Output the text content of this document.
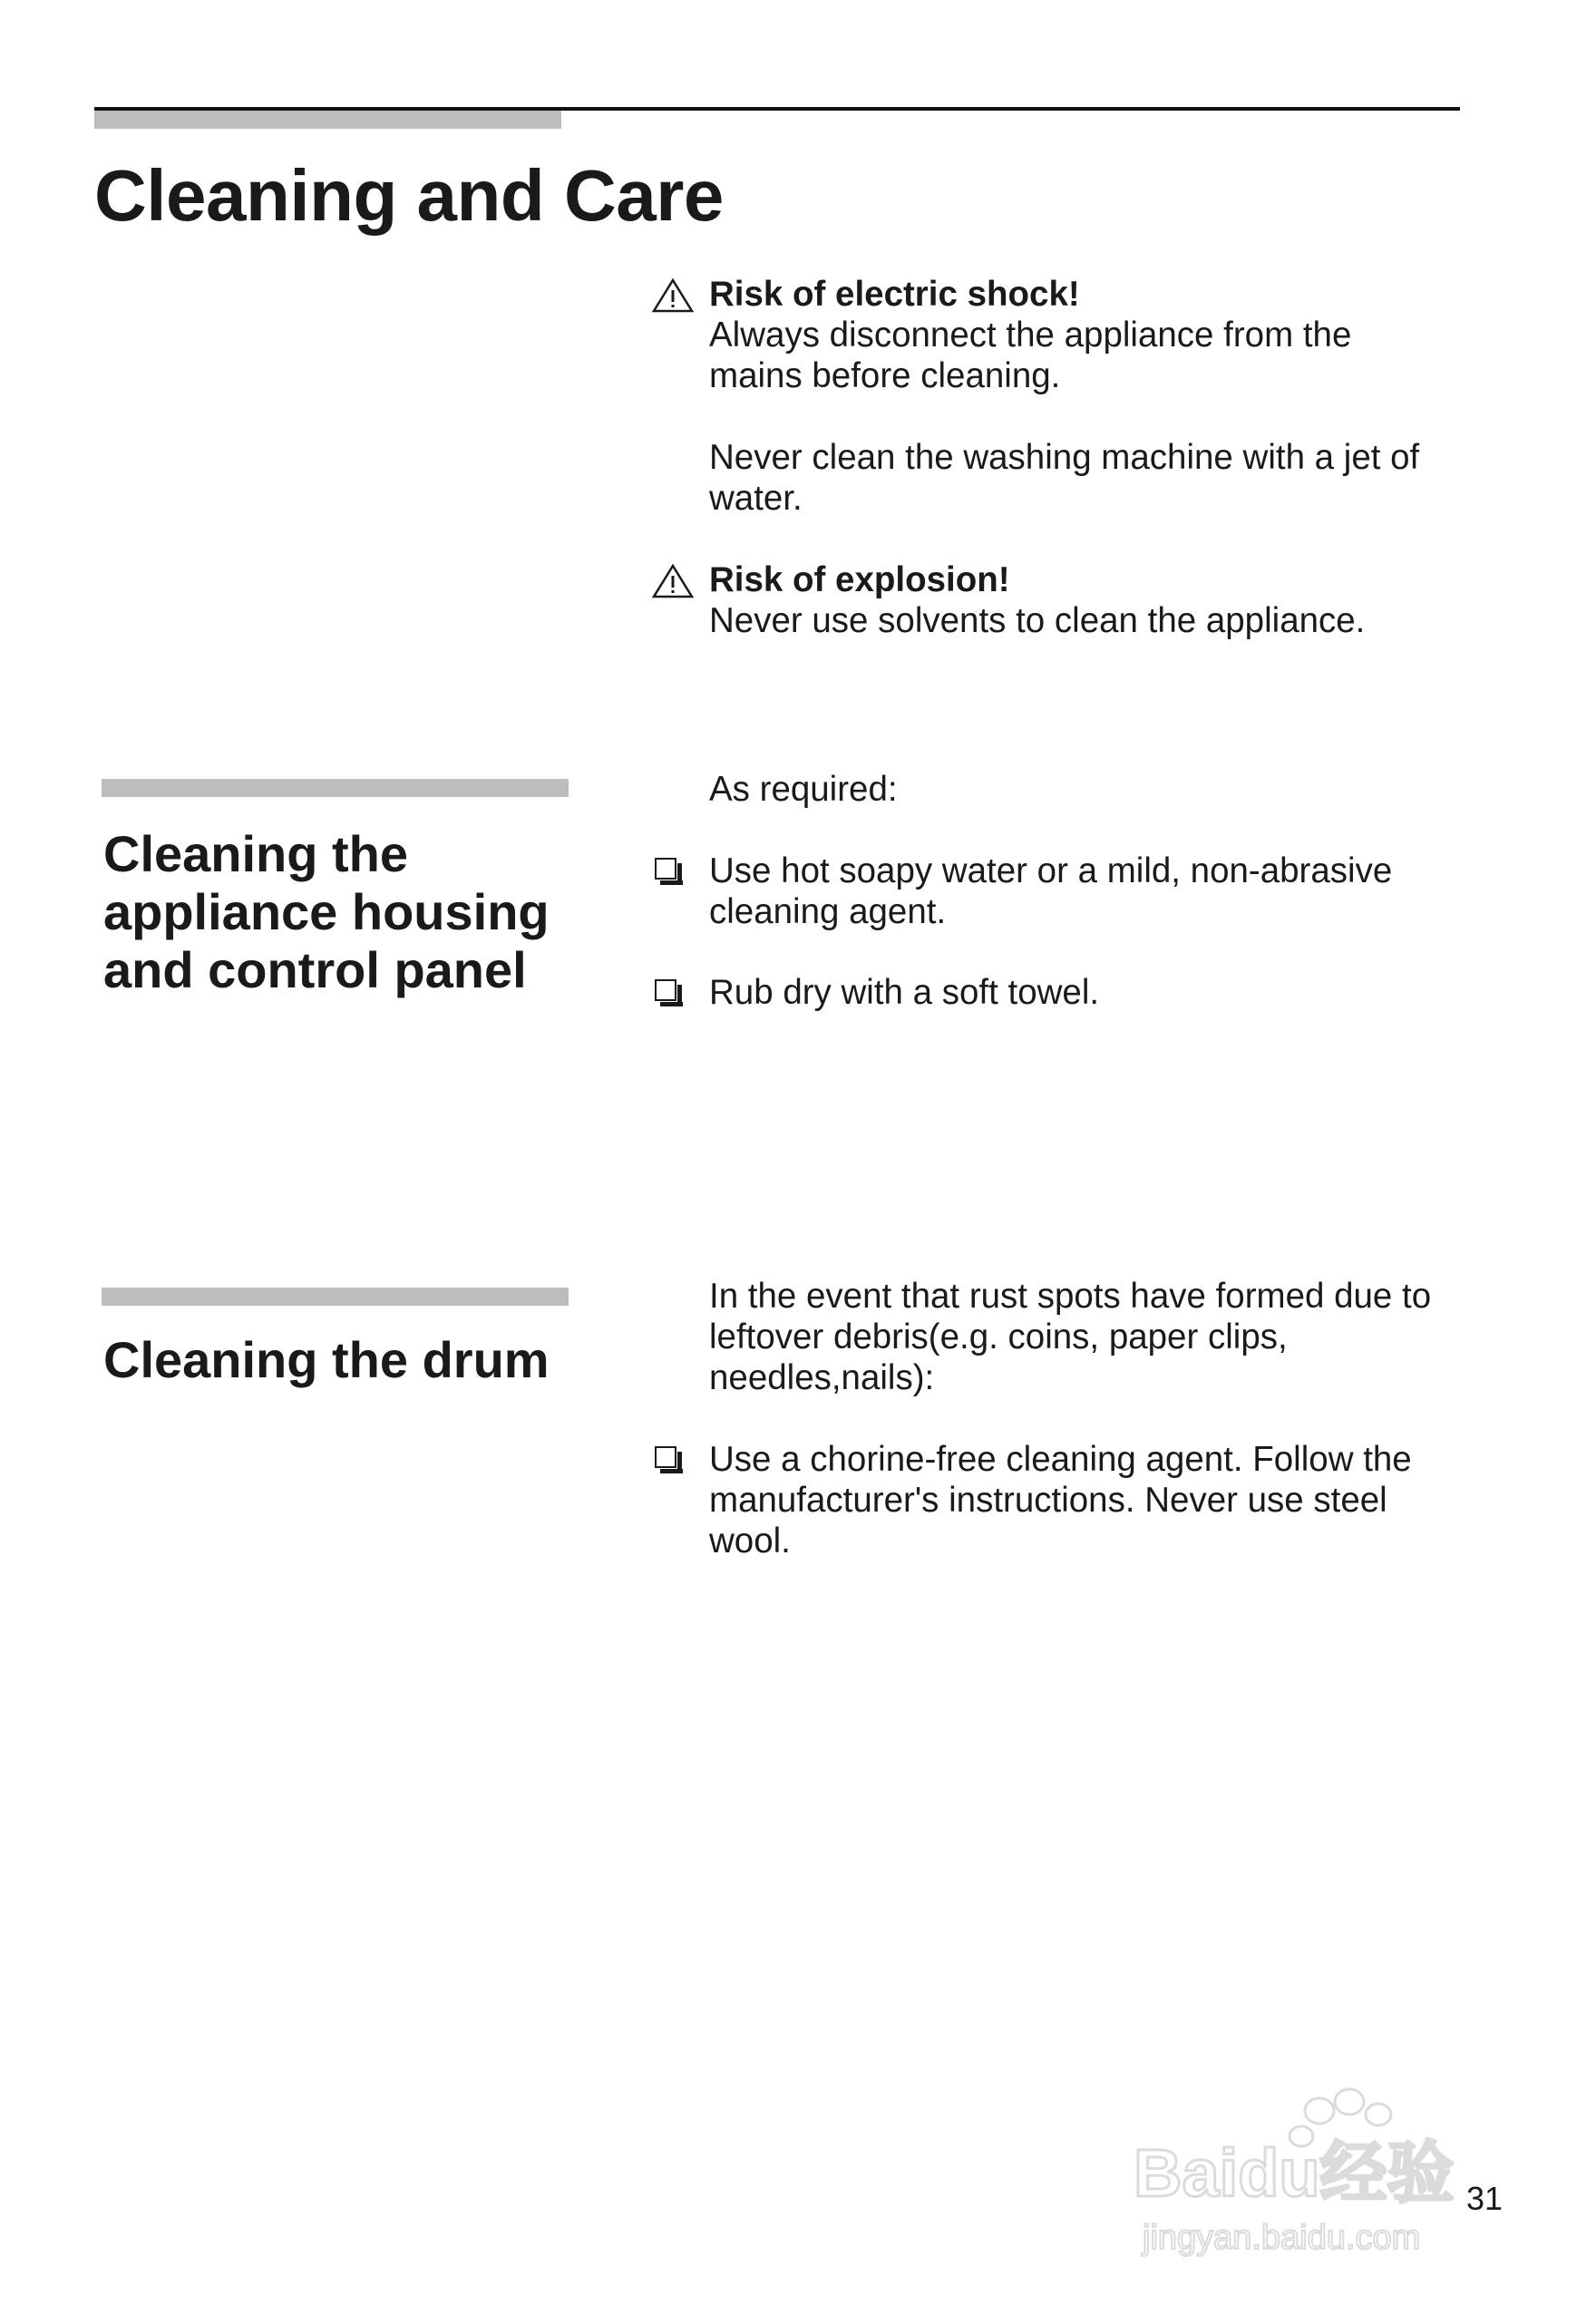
Cleaning and Care

Risk of electric shock!

Always disconnect the appliance from the mains before cleaning.

Never clean the washing machine with a jet of water.

Risk of explosion!

Never use solvents to clean the appliance.

Cleaning the appliance housing and control panel

As required:

Use hot soapy water or a mild, non-abrasive cleaning agent.

Rub dry with a soft towel.

Cleaning the drum

In the event that rust spots have formed due to leftover debris(e.g. coins, paper clips, needles,nails):

Use a chorine-free cleaning agent. Follow the manufacturer's instructions. Never use steel wool.

Baidu经验
jingyan.baidu.com
31
